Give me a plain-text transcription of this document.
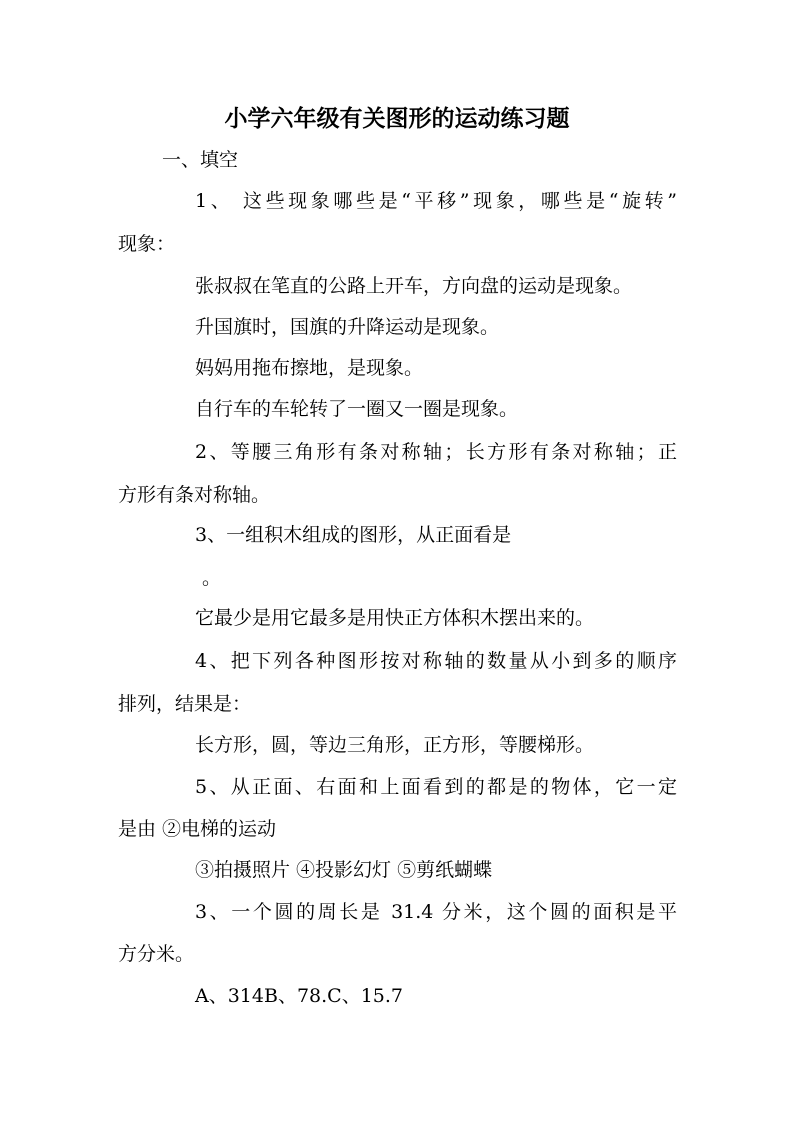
小学六年级有关图形的运动练习题
一、填空
1、 这些现象哪些是“平移”现象，哪些是“旋转”
现象：
张叔叔在笔直的公路上开车，方向盘的运动是现象。
升国旗时，国旗的升降运动是现象。
妈妈用拖布擦地，是现象。
自行车的车轮转了一圈又一圈是现象。
2、等腰三角形有条对称轴；长方形有条对称轴；正
方形有条对称轴。
3、一组积木组成的图形，从正面看是
。
它最少是用它最多是用快正方体积木摆出来的。
4、把下列各种图形按对称轴的数量从小到多的顺序
排列，结果是：
长方形，圆，等边三角形，正方形，等腰梯形。
5、从正面、右面和上面看到的都是的物体，它一定
是由 ②电梯的运动
③拍摄照片 ④投影幻灯 ⑤剪纸蝴蝶
3、一个圆的周长是 31.4 分米，这个圆的面积是平
方分米。
A、314B、78.C、15.7
